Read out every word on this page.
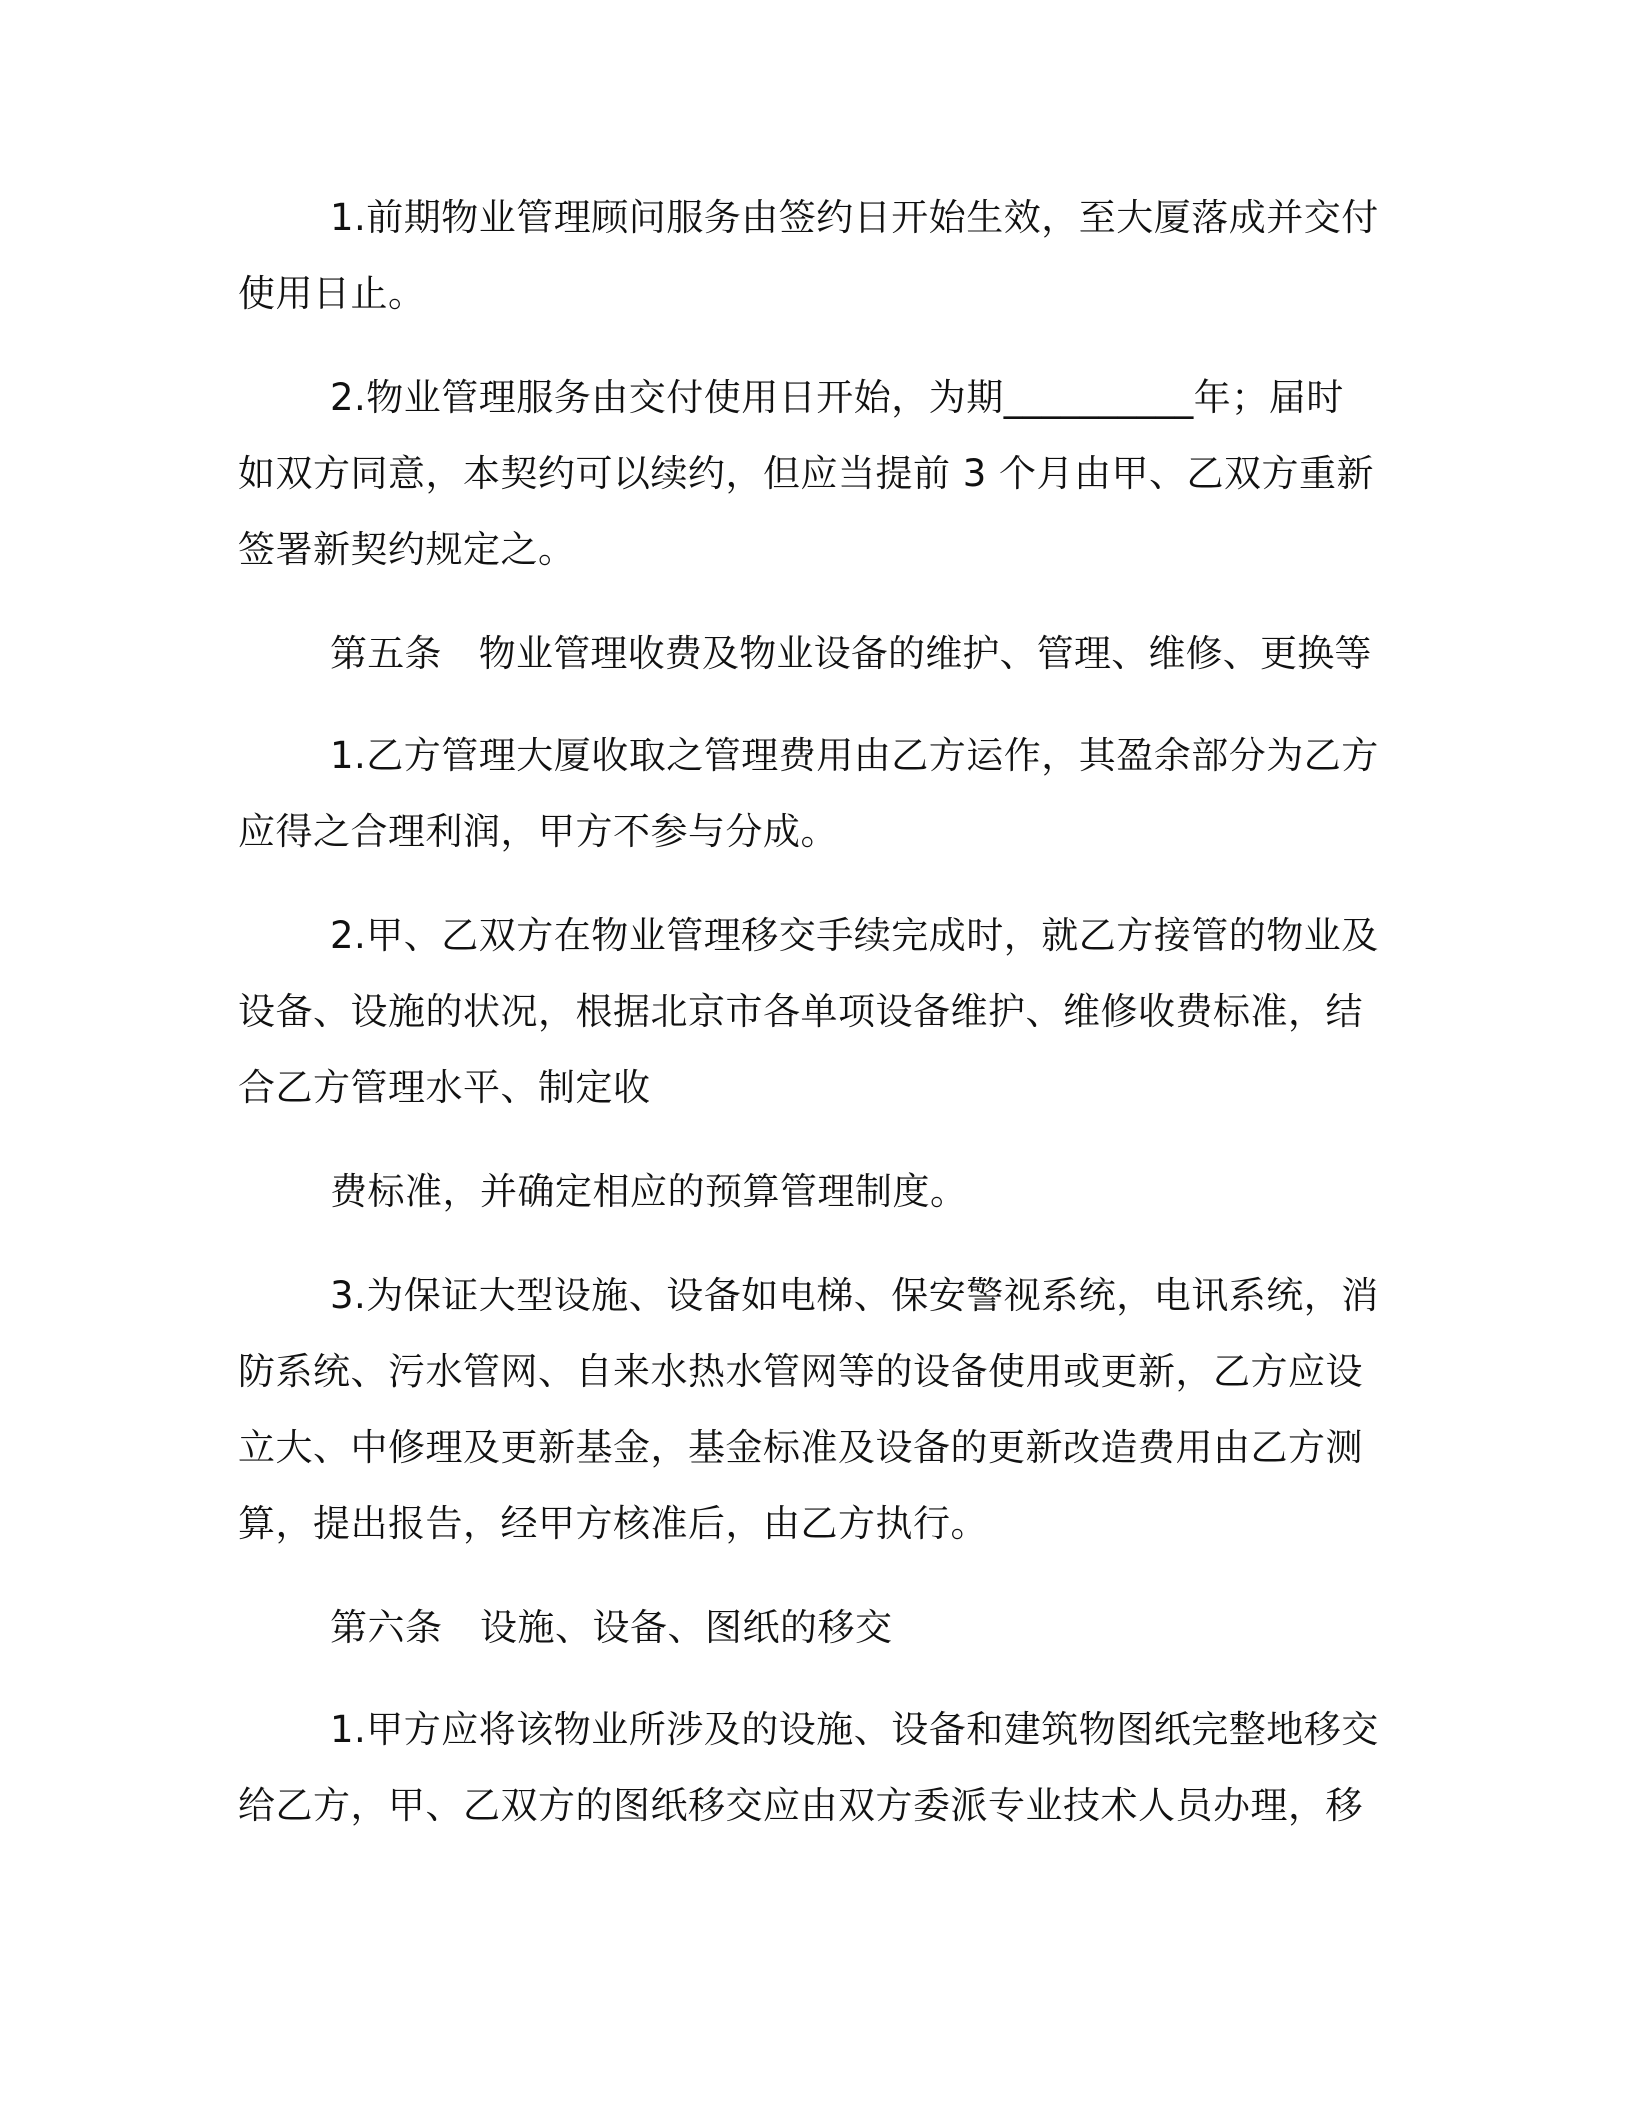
1.前期物业管理顾问服务由签约日开始生效，至大厦落成并交付
使用日止。
2.物业管理服务由交付使用日开始，为期__________年；届时
如双方同意，本契约可以续约，但应当提前 3 个月由甲、乙双方重新
签署新契约规定之。
第五条　物业管理收费及物业设备的维护、管理、维修、更换等
1.乙方管理大厦收取之管理费用由乙方运作，其盈余部分为乙方
应得之合理利润，甲方不参与分成。
2.甲、乙双方在物业管理移交手续完成时，就乙方接管的物业及
设备、设施的状况，根据北京市各单项设备维护、维修收费标准，结
合乙方管理水平、制定收
费标准，并确定相应的预算管理制度。
3.为保证大型设施、设备如电梯、保安警视系统，电讯系统，消
防系统、污水管网、自来水热水管网等的设备使用或更新，乙方应设
立大、中修理及更新基金，基金标准及设备的更新改造费用由乙方测
算，提出报告，经甲方核准后，由乙方执行。
第六条　设施、设备、图纸的移交
1.甲方应将该物业所涉及的设施、设备和建筑物图纸完整地移交
给乙方，甲、乙双方的图纸移交应由双方委派专业技术人员办理，移
